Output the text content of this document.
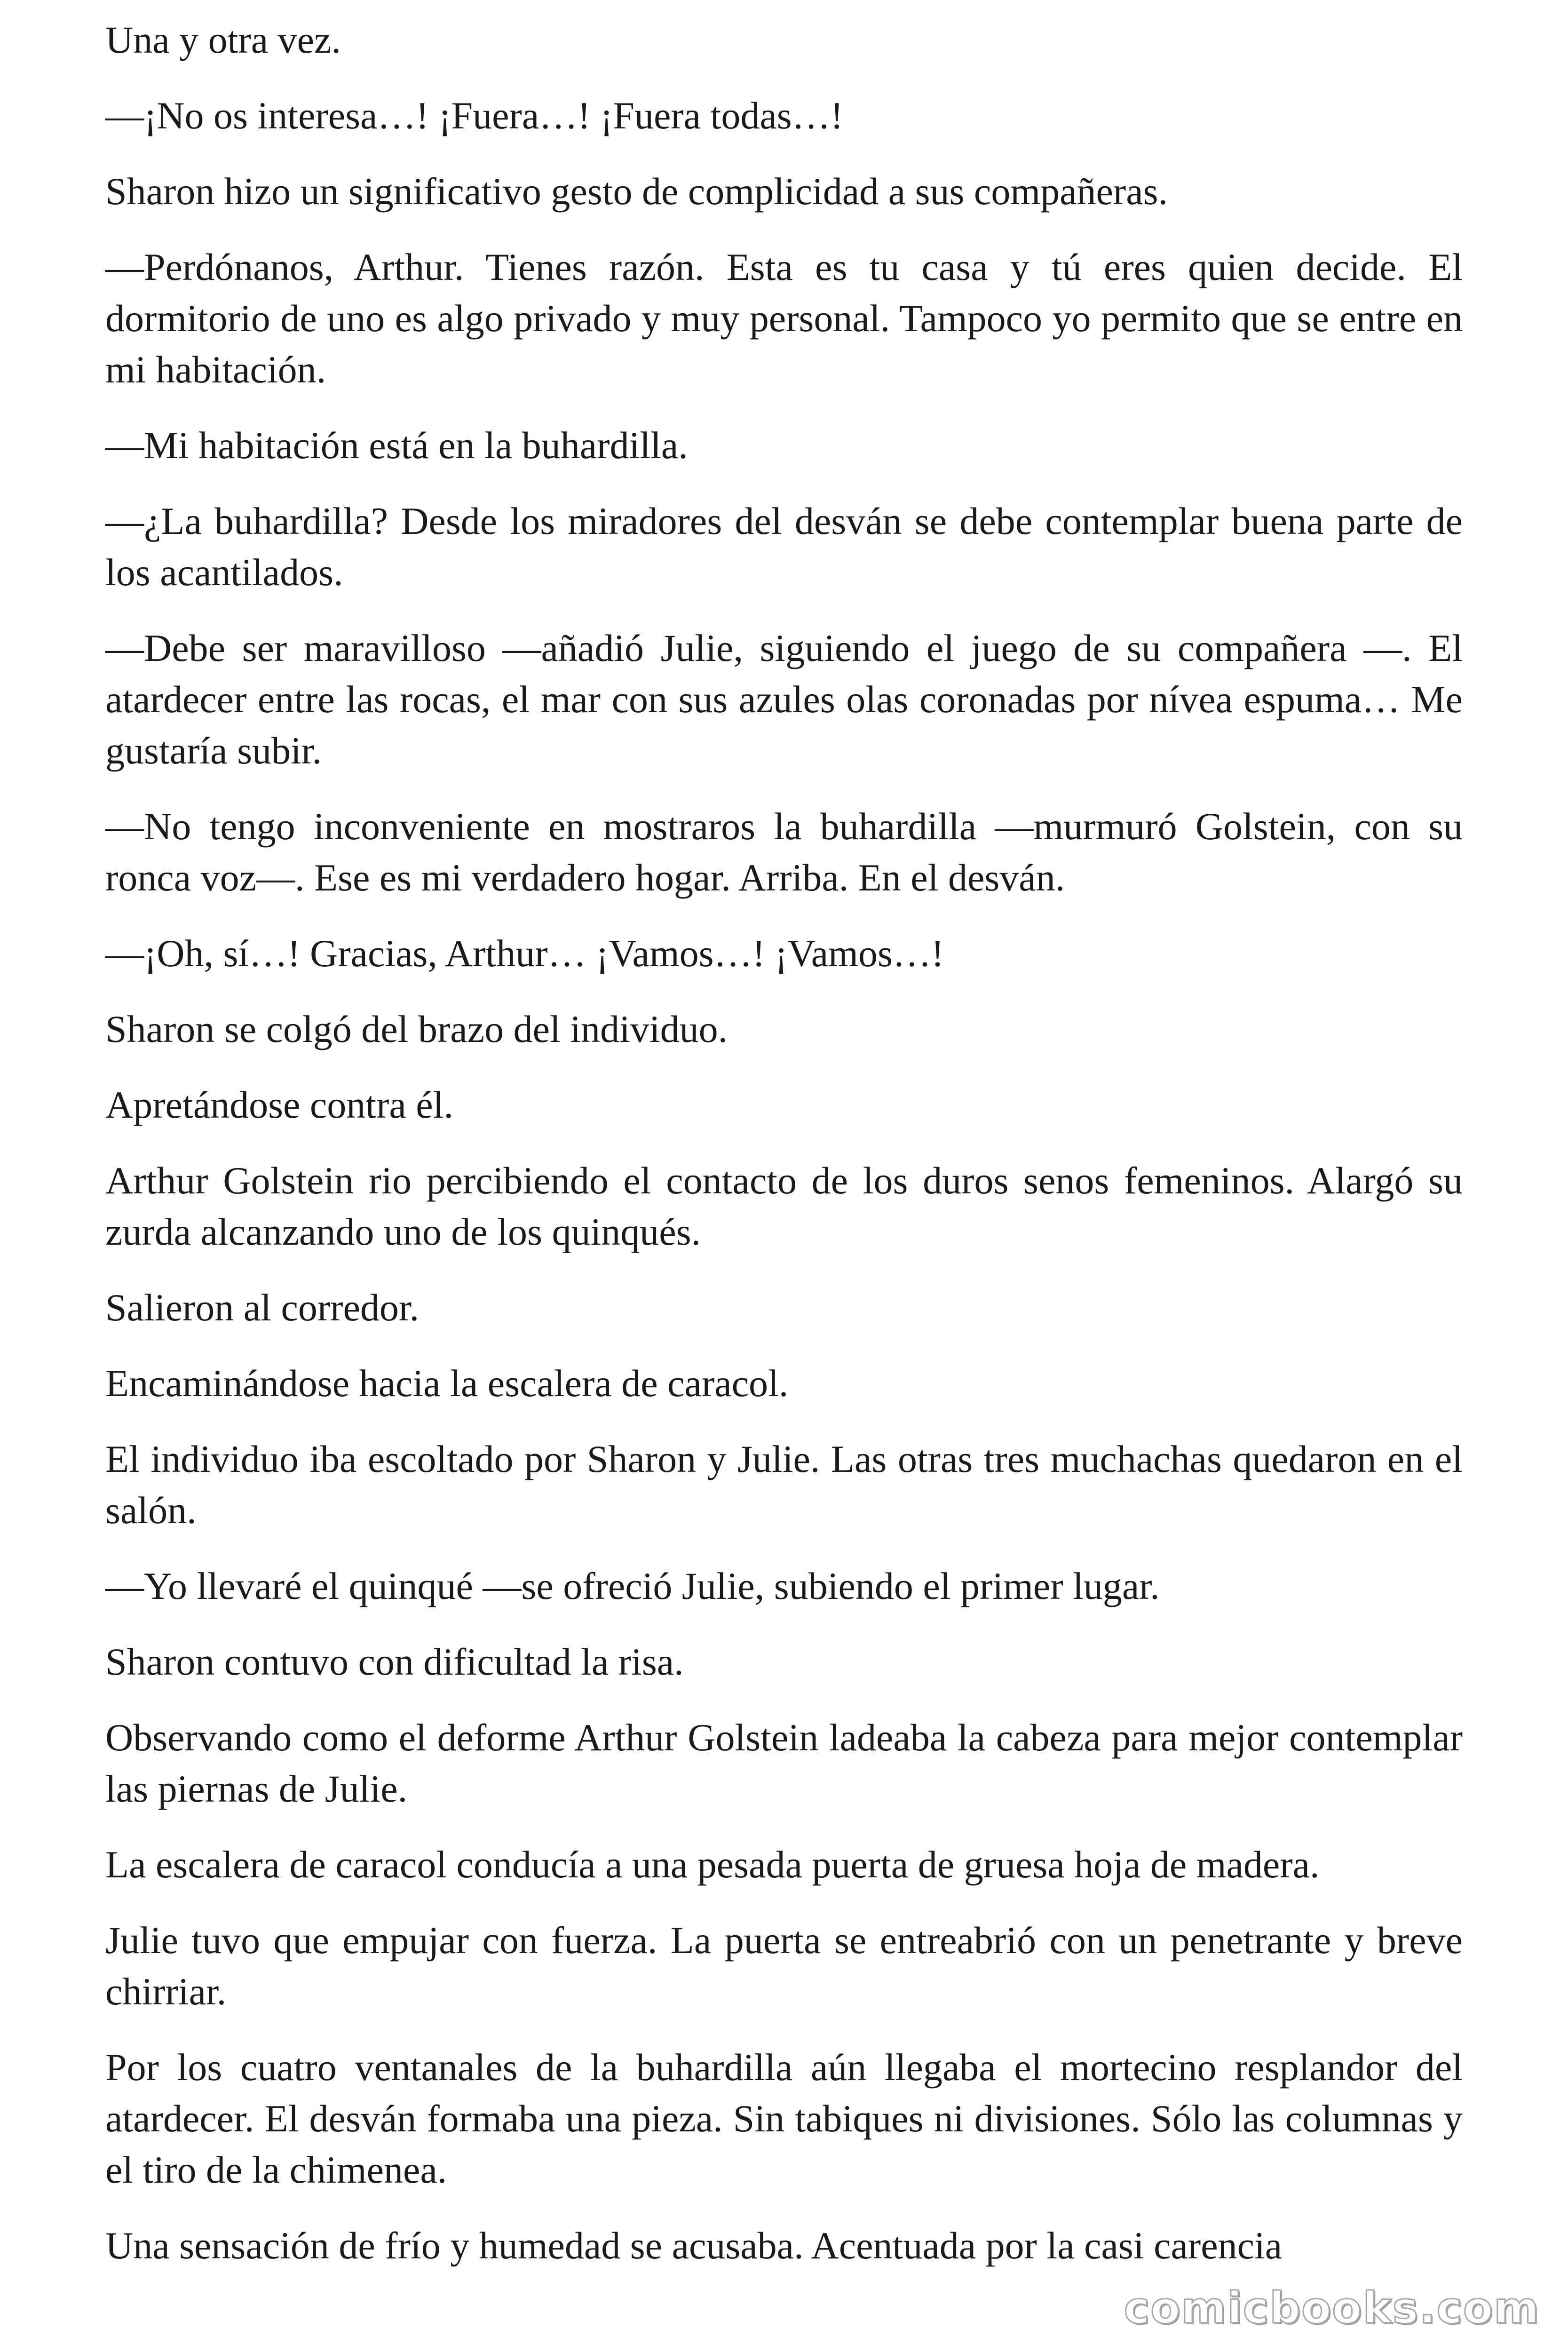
Una y otra vez.

—¡No os interesa…! ¡Fuera…! ¡Fuera todas…!

Sharon hizo un significativo gesto de complicidad a sus compañeras.

—Perdónanos, Arthur. Tienes razón. Esta es tu casa y tú eres quien decide. El dormitorio de uno es algo privado y muy personal. Tampoco yo permito que se entre en mi habitación.

—Mi habitación está en la buhardilla.

—¿La buhardilla? Desde los miradores del desván se debe contemplar buena parte de los acantilados.

—Debe ser maravilloso —añadió Julie, siguiendo el juego de su compañera —. El atardecer entre las rocas, el mar con sus azules olas coronadas por nívea espuma… Me gustaría subir.

—No tengo inconveniente en mostraros la buhardilla —murmuró Golstein, con su ronca voz—. Ese es mi verdadero hogar. Arriba. En el desván.

—¡Oh, sí…! Gracias, Arthur… ¡Vamos…! ¡Vamos…!

Sharon se colgó del brazo del individuo.

Apretándose contra él.

Arthur Golstein rio percibiendo el contacto de los duros senos femeninos. Alargó su zurda alcanzando uno de los quinqués.

Salieron al corredor.

Encaminándose hacia la escalera de caracol.

El individuo iba escoltado por Sharon y Julie. Las otras tres muchachas quedaron en el salón.

—Yo llevaré el quinqué —se ofreció Julie, subiendo el primer lugar.

Sharon contuvo con dificultad la risa.

Observando como el deforme Arthur Golstein ladeaba la cabeza para mejor contemplar las piernas de Julie.

La escalera de caracol conducía a una pesada puerta de gruesa hoja de madera.

Julie tuvo que empujar con fuerza. La puerta se entreabrió con un penetrante y breve chirriar.

Por los cuatro ventanales de la buhardilla aún llegaba el mortecino resplandor del atardecer. El desván formaba una pieza. Sin tabiques ni divisiones. Sólo las columnas y el tiro de la chimenea.

Una sensación de frío y humedad se acusaba. Acentuada por la casi carencia

comicbooks.com
